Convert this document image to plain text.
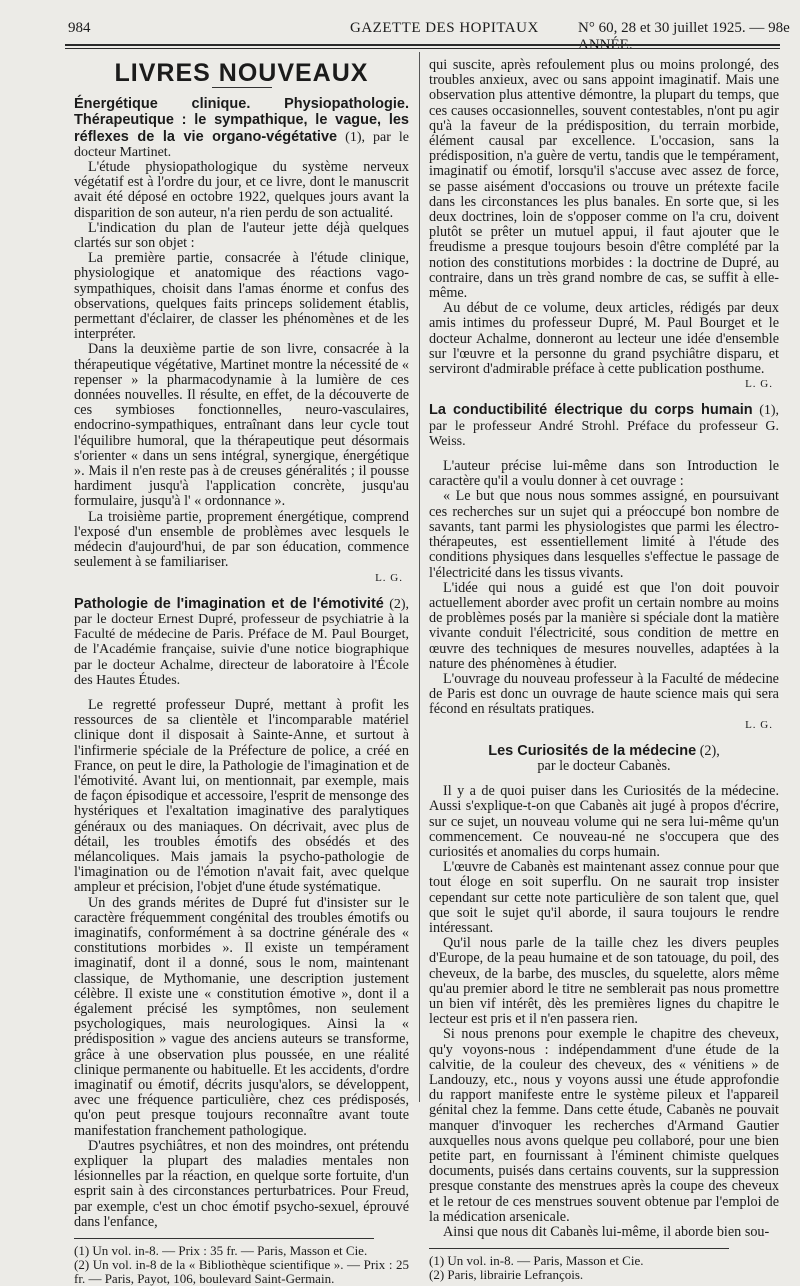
984	GAZETTE DES HOPITAUX	N° 60, 28 et 30 juillet 1925. — 98e ANNÉE.
LIVRES NOUVEAUX

Énergétique clinique. Physiopathologie. Thérapeutique : le sympathique, le vague, les réflexes de la vie organo-végétative (1), par le docteur Martinet.

L'étude physiopathologique du système nerveux végétatif est à l'ordre du jour, et ce livre, dont le manuscrit avait été déposé en octobre 1922, quelques jours avant la disparition de son auteur, n'a rien perdu de son actualité.

L'indication du plan de l'auteur jette déjà quelques clartés sur son objet :

La première partie, consacrée à l'étude clinique, physiologique et anatomique des réactions vago-sympathiques, choisit dans l'amas énorme et confus des observations, quelques faits princeps solidement établis, permettant d'éclairer, de classer les phénomènes et de les interpréter.

Dans la deuxième partie de son livre, consacrée à la thérapeutique végétative, Martinet montre la nécessité de « repenser » la pharmacodynamie à la lumière de ces données nouvelles. Il résulte, en effet, de la découverte de ces symbioses fonctionnelles, neuro-vasculaires, endocrino-sympathiques, entraînant dans leur cycle tout l'équilibre humoral, que la thérapeutique peut désormais s'orienter « dans un sens intégral, synergique, énergétique ». Mais il n'en reste pas à de creuses généralités ; il pousse hardiment jusqu'à l'application concrète, jusqu'au formulaire, jusqu'à l' « ordonnance ».

La troisième partie, proprement énergétique, comprend l'exposé d'un ensemble de problèmes avec lesquels le médecin d'aujourd'hui, de par son éducation, commence seulement à se familiariser.

L. G.

Pathologie de l'imagination et de l'émotivité (2), par le docteur Ernest Dupré, professeur de psychiatrie à la Faculté de médecine de Paris. Préface de M. Paul Bourget, de l'Académie française, suivie d'une notice biographique par le docteur Achalme, directeur de laboratoire à l'École des Hautes Études.

Le regretté professeur Dupré, mettant à profit les ressources de sa clientèle et l'incomparable matériel clinique dont il disposait à Sainte-Anne, et surtout à l'infirmerie spéciale de la Préfecture de police, a créé en France, on peut le dire, la Pathologie de l'imagination et de l'émotivité. Avant lui, on mentionnait, par exemple, mais de façon épisodique et accessoire, l'esprit de mensonge des hystériques et l'exaltation imaginative des paralytiques généraux ou des maniaques. On décrivait, avec plus de détail, les troubles émotifs des obsédés et des mélancoliques. Mais jamais la psycho-pathologie de l'imagination ou de l'émotion n'avait fait, avec quelque ampleur et précision, l'objet d'une étude systématique.

Un des grands mérites de Dupré fut d'insister sur le caractère fréquemment congénital des troubles émotifs ou imaginatifs, conformément à sa doctrine générale des « constitutions morbides ». Il existe un tempérament imaginatif, dont il a donné, sous le nom, maintenant classique, de Mythomanie, une description justement célèbre. Il existe une « constitution émotive », dont il a également précisé les symptômes, non seulement psychologiques, mais neurologiques. Ainsi la « prédisposition » vague des anciens auteurs se transforme, grâce à une observation plus poussée, en une réalité clinique permanente ou habituelle. Et les accidents, d'ordre imaginatif ou émotif, décrits jusqu'alors, se développent, avec une fréquence particulière, chez ces prédisposés, qu'on peut presque toujours reconnaître avant toute manifestation franchement pathologique.

D'autres psychiâtres, et non des moindres, ont prétendu expliquer la plupart des maladies mentales non lésionnelles par la réaction, en quelque sorte fortuite, d'un esprit sain à des circonstances perturbatrices. Pour Freud, par exemple, c'est un choc émotif psycho-sexuel, éprouvé dans l'enfance,

(1) Un vol. in-8. — Prix : 35 fr. — Paris, Masson et Cie.

(2) Un vol. in-8 de la « Bibliothèque scientifique ». — Prix : 25 fr. — Paris, Payot, 106, boulevard Saint-Germain.

qui suscite, après refoulement plus ou moins prolongé, des troubles anxieux, avec ou sans appoint imaginatif. Mais une observation plus attentive démontre, la plupart du temps, que ces causes occasionnelles, souvent contestables, n'ont pu agir qu'à la faveur de la prédisposition, du terrain morbide, élément causal par excellence. L'occasion, sans la prédisposition, n'a guère de vertu, tandis que le tempérament, imaginatif ou émotif, lorsqu'il s'accuse avec assez de force, se passe aisément d'occasions ou trouve un prétexte facile dans les circonstances les plus banales. En sorte que, si les deux doctrines, loin de s'opposer comme on l'a cru, doivent plutôt se prêter un mutuel appui, il faut ajouter que le freudisme a presque toujours besoin d'être complété par la notion des constitutions morbides : la doctrine de Dupré, au contraire, dans un très grand nombre de cas, se suffit à elle-même.

Au début de ce volume, deux articles, rédigés par deux amis intimes du professeur Dupré, M. Paul Bourget et le docteur Achalme, donneront au lecteur une idée d'ensemble sur l'œuvre et la personne du grand psychiâtre disparu, et serviront d'admirable préface à cette publication posthume.

L. G.

La conductibilité électrique du corps humain (1), par le professeur André Strohl. Préface du professeur G. Weiss.

L'auteur précise lui-même dans son Introduction le caractère qu'il a voulu donner à cet ouvrage :

« Le but que nous nous sommes assigné, en poursuivant ces recherches sur un sujet qui a préoccupé bon nombre de savants, tant parmi les physiologistes que parmi les électro-thérapeutes, est essentiellement limité à l'étude des conditions physiques dans lesquelles s'effectue le passage de l'électricité dans les tissus vivants.

L'idée qui nous a guidé est que l'on doit pouvoir actuellement aborder avec profit un certain nombre au moins de problèmes posés par la manière si spéciale dont la matière vivante conduit l'électricité, sous condition de mettre en œuvre des techniques de mesures nouvelles, adaptées à la nature des phénomènes à étudier.

L'ouvrage du nouveau professeur à la Faculté de médecine de Paris est donc un ouvrage de haute science mais qui sera fécond en résultats pratiques.

L. G.

Les Curiosités de la médecine (2),

par le docteur Cabanès.

Il y a de quoi puiser dans les Curiosités de la médecine. Aussi s'explique-t-on que Cabanès ait jugé à propos d'écrire, sur ce sujet, un nouveau volume qui ne sera lui-même qu'un commencement. Ce nouveau-né ne s'occupera que des curiosités et anomalies du corps humain.

L'œuvre de Cabanès est maintenant assez connue pour que tout éloge en soit superflu. On ne saurait trop insister cependant sur cette note particulière de son talent que, quel que soit le sujet qu'il aborde, il saura toujours le rendre intéressant.

Qu'il nous parle de la taille chez les divers peuples d'Europe, de la peau humaine et de son tatouage, du poil, des cheveux, de la barbe, des muscles, du squelette, alors même qu'au premier abord le titre ne semblerait pas nous promettre un bien vif intérêt, dès les premières lignes du chapitre le lecteur est pris et il n'en passera rien.

Si nous prenons pour exemple le chapitre des cheveux, qu'y voyons-nous : indépendamment d'une étude de la calvitie, de la couleur des cheveux, des « vénitiens » de Landouzy, etc., nous y voyons aussi une étude approfondie du rapport manifeste entre le système pileux et l'appareil génital chez la femme. Dans cette étude, Cabanès ne pouvait manquer d'invoquer les recherches d'Armand Gautier auxquelles nous avons quelque peu collaboré, pour une bien petite part, en fournissant à l'éminent chimiste quelques documents, puisés dans certains couvents, sur la suppression presque constante des menstrues après la coupe des cheveux et le retour de ces menstrues souvent obtenue par l'emploi de la médication arsenicale.

Ainsi que nous dit Cabanès lui-même, il aborde bien sou-

(1) Un vol. in-8. — Paris, Masson et Cie.

(2) Paris, librairie Lefrançois.
